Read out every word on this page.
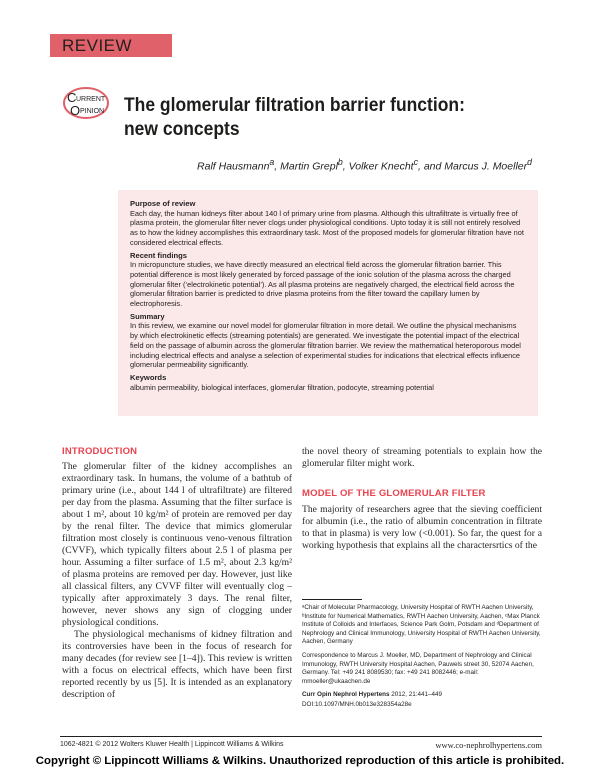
REVIEW
C URRENT
O PINION The glomerular filtration barrier function:
new concepts
Ralf Hausmann$^a$, Martin Grepl$^b$, Volker Knecht$^c$, and Marcus J. Moeller$^d$
Purpose of review

Each day, the human kidneys filter about 140 l of primary urine from plasma. Although this ultrafiltrate is virtually free of plasma protein, the glomerular filter never clogs under physiological conditions. Upto today it is still not entirely resolved as to how the kidney accomplishes this extraordinary task. Most of the proposed models for glomerular filtration have not considered electrical effects.

Recent findings

In micropuncture studies, we have directly measured an electrical field across the glomerular filtration barrier. This potential difference is most likely generated by forced passage of the ionic solution of the plasma across the charged glomerular filter (‘electrokinetic potential’). As all plasma proteins are negatively charged, the electrical field across the glomerular filtration barrier is predicted to drive plasma proteins from the filter toward the capillary lumen by electrophoresis.

Summary

In this review, we examine our novel model for glomerular filtration in more detail. We outline the physical mechanisms by which electrokinetic effects (streaming potentials) are generated. We investigate the potential impact of the electrical field on the passage of albumin across the glomerular filtration barrier. We review the mathematical heteroporous model including electrical effects and analyse a selection of experimental studies for indications that electrical effects influence glomerular permeability significantly.

Keywords

albumin permeability, biological interfaces, glomerular filtration, podocyte, streaming potential

INTRODUCTION

The glomerular filter of the kidney accomplishes an extraordinary task. In humans, the volume of a bathtub of primary urine (i.e., about 144 l of ultrafiltrate) are filtered per day from the plasma. Assuming that the filter surface is about 1 m², about 10 kg/m² of protein are removed per day by the renal filter. The device that mimics glomerular filtration most closely is continuous veno-venous filtration (CVVF), which typically filters about 2.5 l of plasma per hour. Assuming a filter surface of 1.5 m², about 2.3 kg/m² of plasma proteins are removed per day. However, just like all classical filters, any CVVF filter will eventually clog – typically after approximately 3 days. The renal filter, however, never shows any sign of clogging under physiological conditions.

The physiological mechanisms of kidney filtration and its controversies have been in the focus of research for many decades (for review see [1–4]). This review is written with a focus on electrical effects, which have been first reported recently by us [5]. It is intended as an explanatory description of

the novel theory of streaming potentials to explain how the glomerular filter might work.

MODEL OF THE GLOMERULAR FILTER

The majority of researchers agree that the sieving coefficient for albumin (i.e., the ratio of albumin concentration in filtrate to that in plasma) is very low (<0.001). So far, the quest for a working hypothesis that explains all the charactersrtics of the

ᵃChair of Molecular Pharmacology, University Hospital of RWTH Aachen University, ᵇInstitute for Numerical Mathematics, RWTH Aachen University, Aachen, ᶜMax Planck Institute of Colloids and Interfaces, Science Park Golm, Potsdam and ᵈDepartment of Nephrology and Clinical Immunology, University Hospital of RWTH Aachen University, Aachen, Germany

Correspondence to Marcus J. Moeller, MD, Department of Nephrology and Clinical Immunology, RWTH University Hospital Aachen, Pauwels street 30, 52074 Aachen, Germany. Tel: +49 241 8089530; fax: +49 241 8082446; e-mail: mmoeller@ukaachen.de

Curr Opin Nephrol Hypertens 2012, 21:441–449

DOI:10.1097/MNH.0b013e328354a28e

1062-4821 © 2012 Wolters Kluwer Health | Lippincott Williams & Wilkins	www.co-nephrolhypertens.com
Copyright © Lippincott Williams & Wilkins. Unauthorized reproduction of this article is prohibited.
